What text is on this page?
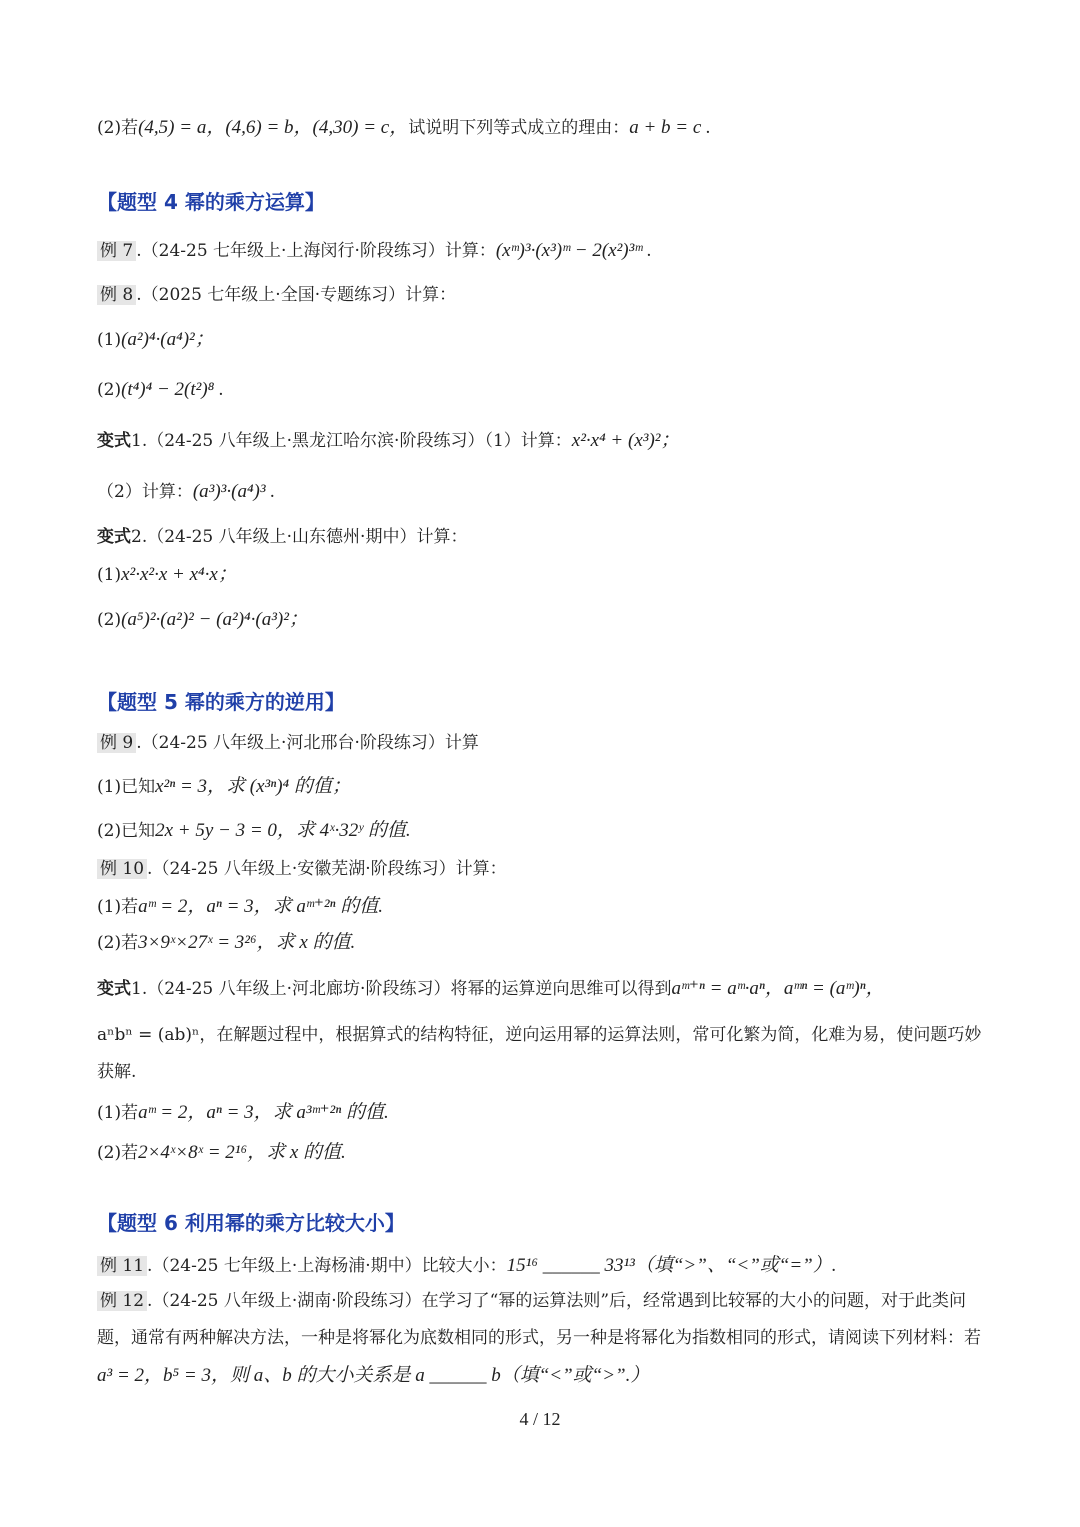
(2)若(4,5) = a，(4,6) = b，(4,30) = c，试说明下列等式成立的理由：a + b = c .
【题型 4 幂的乘方运算】
例 7 .（24-25 七年级上·上海闵行·阶段练习）计算：(xᵐ)³·(x³)ᵐ − 2(x²)³ᵐ .
例 8 .（2025 七年级上·全国·专题练习）计算：
(1)(a²)⁴·(a⁴)²；
(2)(t⁴)⁴ − 2(t²)⁸ .
变式1.（24-25 八年级上·黑龙江哈尔滨·阶段练习）（1）计算：x²·x⁴ + (x³)²；
（2）计算：(a³)³·(a⁴)³ .
变式2.（24-25 八年级上·山东德州·期中）计算：
(1)x²·x²·x + x⁴·x；
(2)(a⁵)²·(a²)² − (a²)⁴·(a³)²；
【题型 5 幂的乘方的逆用】
例 9 .（24-25 八年级上·河北邢台·阶段练习）计算
(1)已知x²ⁿ = 3，求 (x³ⁿ)⁴ 的值；
(2)已知2x + 5y − 3 = 0，求 4ˣ·32ʸ 的值.
例 10 .（24-25 八年级上·安徽芜湖·阶段练习）计算：
(1)若aᵐ = 2，aⁿ = 3，求 aᵐ⁺²ⁿ 的值.
(2)若3×9ˣ×27ˣ = 3²⁶，求 x 的值.
变式1.（24-25 八年级上·河北廊坊·阶段练习）将幂的运算逆向思维可以得到aᵐ⁺ⁿ = aᵐ·aⁿ，aᵐⁿ = (aᵐ)ⁿ，
aⁿbⁿ = (ab)ⁿ，在解题过程中，根据算式的结构特征，逆向运用幂的运算法则，常可化繁为简，化难为易，使问题巧妙获解.
(1)若aᵐ = 2，aⁿ = 3，求 a³ᵐ⁺²ⁿ 的值.
(2)若2×4ˣ×8ˣ = 2¹⁶，求 x 的值.
【题型 6 利用幂的乘方比较大小】
例 11 .（24-25 七年级上·上海杨浦·期中）比较大小：15¹⁶ ______ 33¹³（填“>”、“<”或“=”）.
例 12 .（24-25 八年级上·湖南·阶段练习）在学习了“幂的运算法则”后，经常遇到比较幂的大小的问题，对于此类问题，通常有两种解决方法，一种是将幂化为底数相同的形式，另一种是将幂化为指数相同的形式，请阅读下列材料：若a³ = 2，b⁵ = 3，则 a、b 的大小关系是 a ______ b（填“<”或“>”.）
4 / 12
